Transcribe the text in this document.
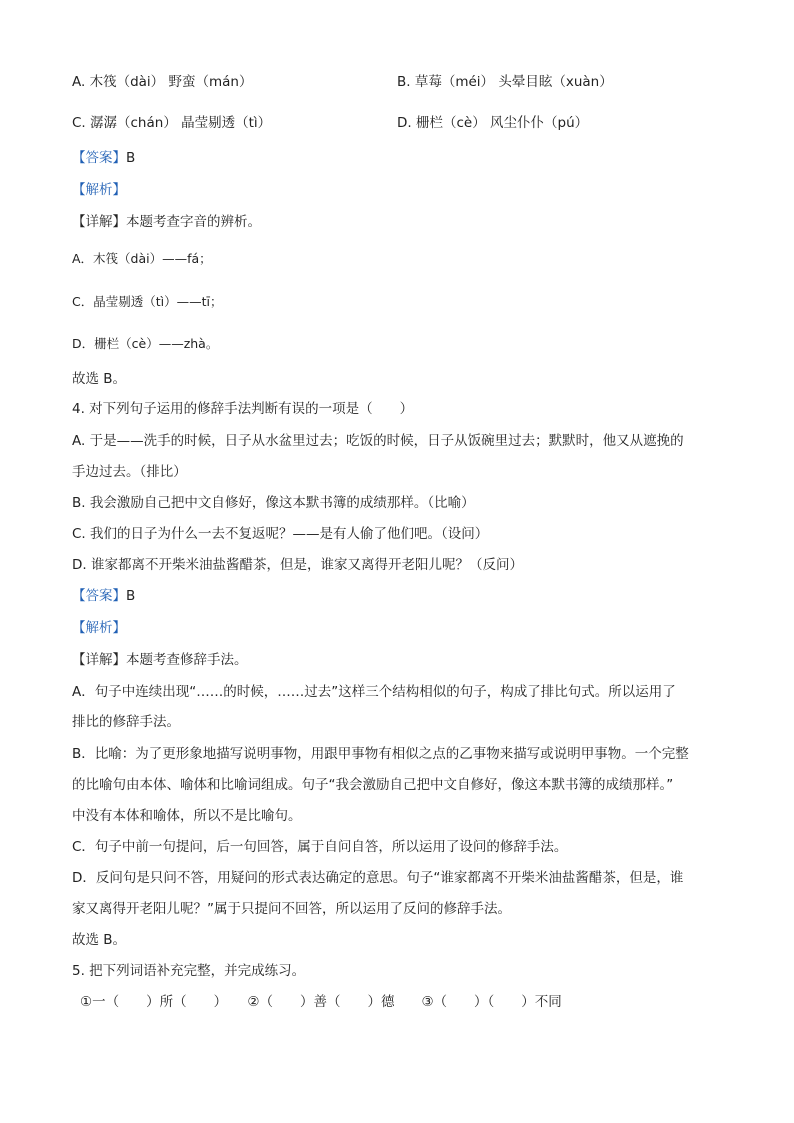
A. 木筏（dài） 野蛮（mán）	B. 草莓（méi） 头晕目眩（xuàn）
C. 潺潺（chán） 晶莹剔透（tì）	D. 栅栏（cè） 风尘仆仆（pú）
【答案】B
【解析】
【详解】本题考查字音的辨析。
A．木筏（dài）——fá；
C．晶莹剔透（tì）——tī；
D．栅栏（cè）——zhà。
故选 B。
4. 对下列句子运用的修辞手法判断有误的一项是（　　）
A. 于是——洗手的时候，日子从水盆里过去；吃饭的时候，日子从饭碗里过去；默默时，他又从遮挽的
手边过去。（排比）
B. 我会激励自己把中文自修好，像这本默书簿的成绩那样。（比喻）
C. 我们的日子为什么一去不复返呢？——是有人偷了他们吧。（设问）
D. 谁家都离不开柴米油盐酱醋茶，但是，谁家又离得开老阳儿呢？（反问）
【答案】B
【解析】
【详解】本题考查修辞手法。
A．句子中连续出现“……的时候，……过去”这样三个结构相似的句子，构成了排比句式。所以运用了
排比的修辞手法。
B．比喻：为了更形象地描写说明事物，用跟甲事物有相似之点的乙事物来描写或说明甲事物。一个完整
的比喻句由本体、喻体和比喻词组成。句子“我会激励自己把中文自修好，像这本默书簿的成绩那样。”
中没有本体和喻体，所以不是比喻句。
C．句子中前一句提问，后一句回答，属于自问自答，所以运用了设问的修辞手法。
D．反问句是只问不答，用疑问的形式表达确定的意思。句子“谁家都离不开柴米油盐酱醋茶，但是，谁
家又离得开老阳儿呢？”属于只提问不回答，所以运用了反问的修辞手法。
故选 B。
5. 把下列词语补充完整，并完成练习。
①一（　　）所（　　）　　②（　　）善（　　）德　　③（　　）（　　）不同
